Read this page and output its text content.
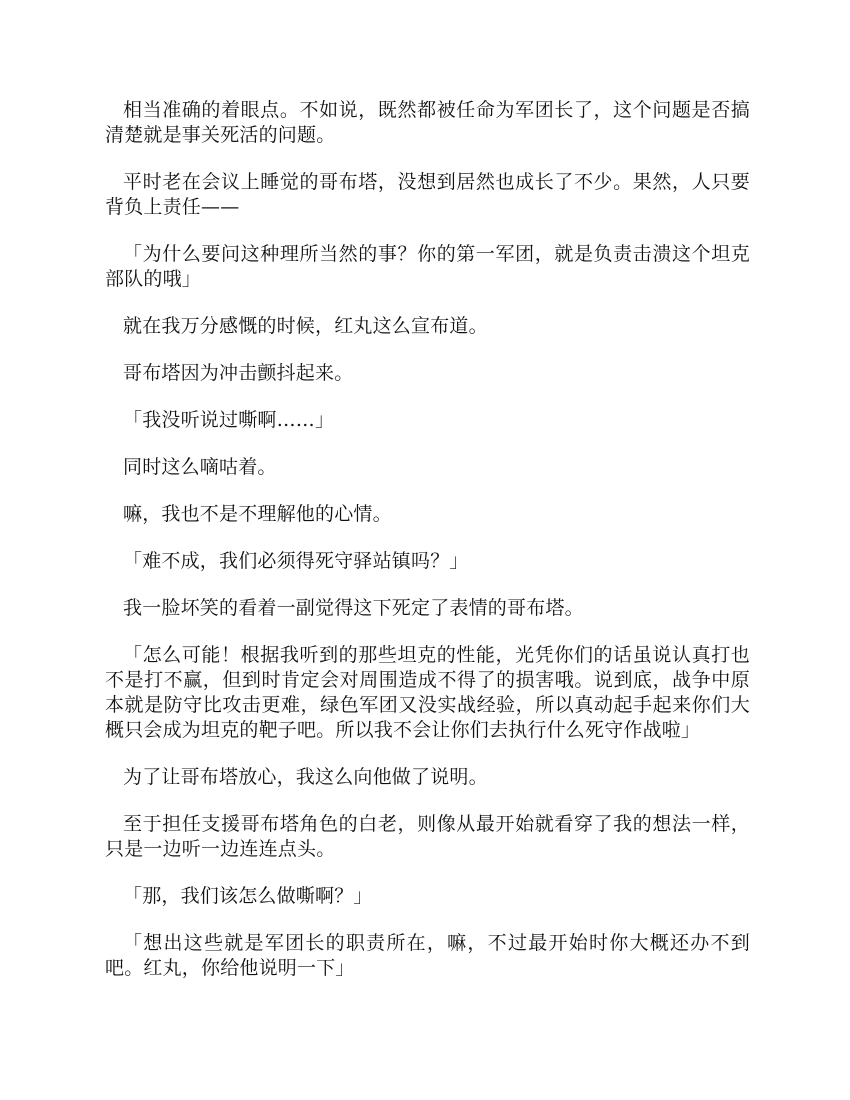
相当准确的着眼点。不如说，既然都被任命为军团长了，这个问题是否搞清楚就是事关死活的问题。

平时老在会议上睡觉的哥布塔，没想到居然也成长了不少。果然，人只要背负上责任——

「为什么要问这种理所当然的事？你的第一军团，就是负责击溃这个坦克部队的哦」

就在我万分感慨的时候，红丸这么宣布道。

哥布塔因为冲击颤抖起来。

「我没听说过嘶啊……」

同时这么嘀咕着。

嘛，我也不是不理解他的心情。

「难不成，我们必须得死守驿站镇吗？」

我一脸坏笑的看着一副觉得这下死定了表情的哥布塔。

「怎么可能！根据我听到的那些坦克的性能，光凭你们的话虽说认真打也不是打不赢，但到时肯定会对周围造成不得了的损害哦。说到底，战争中原本就是防守比攻击更难，绿色军团又没实战经验，所以真动起手起来你们大概只会成为坦克的靶子吧。所以我不会让你们去执行什么死守作战啦」

为了让哥布塔放心，我这么向他做了说明。

至于担任支援哥布塔角色的白老，则像从最开始就看穿了我的想法一样，只是一边听一边连连点头。

「那，我们该怎么做嘶啊？」

「想出这些就是军团长的职责所在，嘛，不过最开始时你大概还办不到吧。红丸，你给他说明一下」
